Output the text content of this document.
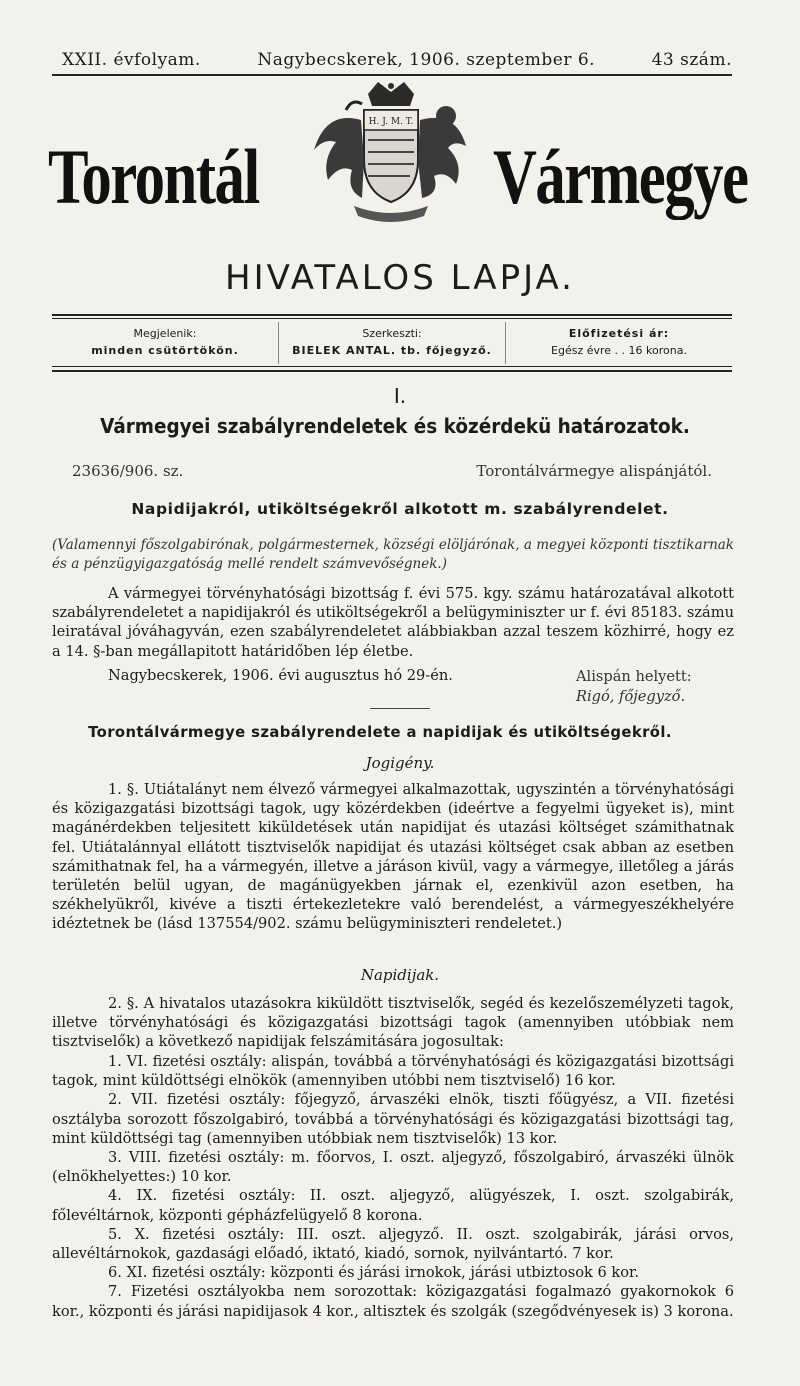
XXII. évfolyam.	Nagybecskerek, 1906. szeptember 6.	43 szám.
Torontál
H. J. M. T.
Vármegye
HIVATALOS LAPJA.
Megjelenik:
minden csütörtökön.
Szerkeszti:
BIELEK ANTAL. tb. főjegyző.
Előfizetési ár:
Egész évre . . 16 korona.
I.
Vármegyei szabályrendeletek és közérdekü határozatok.
23636/906. sz.	Torontálvármegye alispánjától.
Napidijakról, utiköltségekről alkotott m. szabályrendelet.
(Valamennyi főszolgabirónak, polgármesternek, községi elöljárónak, a megyei központi tisztikarnak és a pénzügyigazgatóság mellé rendelt számvevőségnek.)
A vármegyei törvényhatósági bizottság f. évi 575. kgy. számu határozatával alkotott szabályrendeletet a napidijakról és utiköltségekről a belügyminiszter ur f. évi 85183. számu leiratával jóváhagyván, ezen szabályrendeletet alábbiakban azzal teszem közhirré, hogy ez a 14. §-ban megállapitott határidőben lép életbe.
Nagybecskerek, 1906. évi augusztus hó 29-én.	Alispán helyett:
Rigó, főjegyző.
Torontálvármegye szabályrendelete a napidijak és utiköltségekről.
Jogigény.
1. §. Utiátalányt nem élvező vármegyei alkalmazottak, ugyszintén a törvényhatósági és közigazgatási bizottsági tagok, ugy közérdekben (ideértve a fegyelmi ügyeket is), mint magánérdekben teljesitett kiküldetések után napidijat és utazási költséget számithatnak fel. Utiátalánnyal ellátott tisztviselők napidijat és utazási költséget csak abban az esetben számithatnak fel, ha a vármegyén, illetve a járáson kivül, vagy a vármegye, illetőleg a járás területén belül ugyan, de magánügyekben járnak el, ezenkivül azon esetben, ha székhelyükről, kivéve a tiszti értekezletekre való berendelést, a vármegyeszékhelyére idéztetnek be (lásd 137554/902. számu belügyminiszteri rendeletet.)
Napidijak.
2. §. A hivatalos utazásokra kiküldött tisztviselők, segéd és kezelőszemélyzeti tagok, illetve törvényhatósági és közigazgatási bizottsági tagok (amennyiben utóbbiak nem tisztviselők) a következő napidijak felszámitására jogosultak:
1. VI. fizetési osztály: alispán, továbbá a törvényhatósági és közigazgatási bizottsági tagok, mint küldöttségi elnökök (amennyiben utóbbi nem tisztviselő) 16 kor.
2. VII. fizetési osztály: főjegyző, árvaszéki elnök, tiszti főügyész, a VII. fizetési osztályba sorozott főszolgabiró, továbbá a törvényhatósági és közigazgatási bizottsági tag, mint küldöttségi tag (amennyiben utóbbiak nem tisztviselők) 13 kor.
3. VIII. fizetési osztály: m. főorvos, I. oszt. aljegyző, főszolgabiró, árvaszéki ülnök (elnökhelyettes:) 10 kor.
4. IX. fizetési osztály: II. oszt. aljegyző, alügyészek, I. oszt. szolgabirák, főlevéltárnok, központi gépházfelügyelő 8 korona.
5. X. fizetési osztály: III. oszt. aljegyző. II. oszt. szolgabirák, járási orvos, allevéltárnokok, gazdasági előadó, iktató, kiadó, sornok, nyilvántartó. 7 kor.
6. XI. fizetési osztály: központi és járási irnokok, járási utbiztosok 6 kor.
7. Fizetési osztályokba nem sorozottak: közigazgatási fogalmazó gyakornokok 6 kor., központi és járási napidijasok 4 kor., altisztek és szolgák (szegődvényesek is) 3 korona.
